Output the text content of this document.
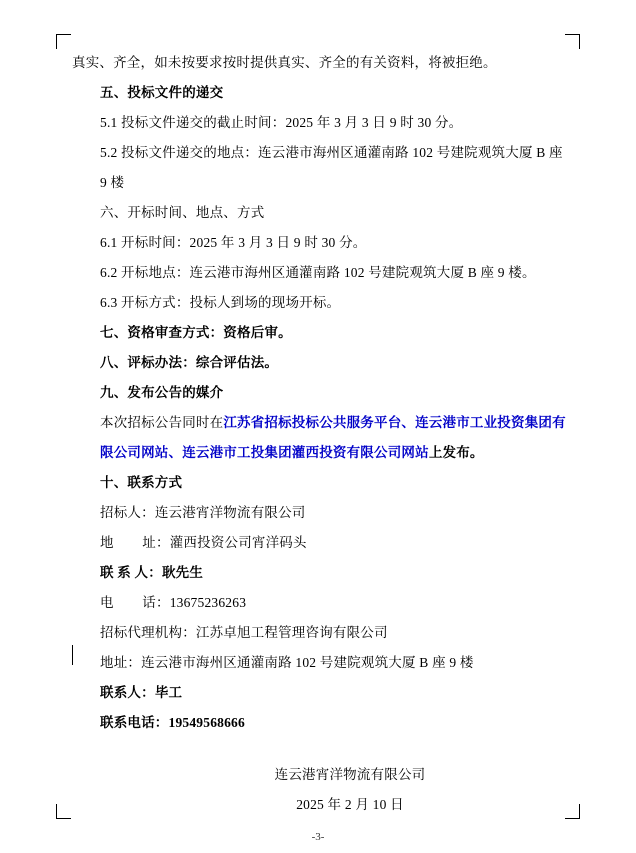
真实、齐全，如未按要求按时提供真实、齐全的有关资料，将被拒绝。
五、投标文件的递交
5.1 投标文件递交的截止时间：2025 年 3 月 3 日 9 时 30 分。
5.2 投标文件递交的地点：连云港市海州区通灌南路 102 号建院观筑大厦 B 座 9 楼
六、开标时间、地点、方式
6.1 开标时间：2025 年 3 月 3 日 9 时 30 分。
6.2 开标地点：连云港市海州区通灌南路 102 号建院观筑大厦 B 座 9 楼。
6.3 开标方式：投标人到场的现场开标。
七、资格审查方式：资格后审。
八、评标办法：综合评估法。
九、发布公告的媒介
本次招标公告同时在江苏省招标投标公共服务平台、连云港市工业投资集团有限公司网站、连云港市工投集团灌西投资有限公司网站上发布。
十、联系方式
招标人：连云港宵洋物流有限公司
地        址：灌西投资公司宵洋码头
联 系 人：耿先生
电        话：13675236263
招标代理机构：江苏卓旭工程管理咨询有限公司
地址：连云港市海州区通灌南路 102 号建院观筑大厦 B 座 9 楼
联系人：毕工
联系电话：19549568666
连云港宵洋物流有限公司
2025 年 2 月 10 日
-3-
